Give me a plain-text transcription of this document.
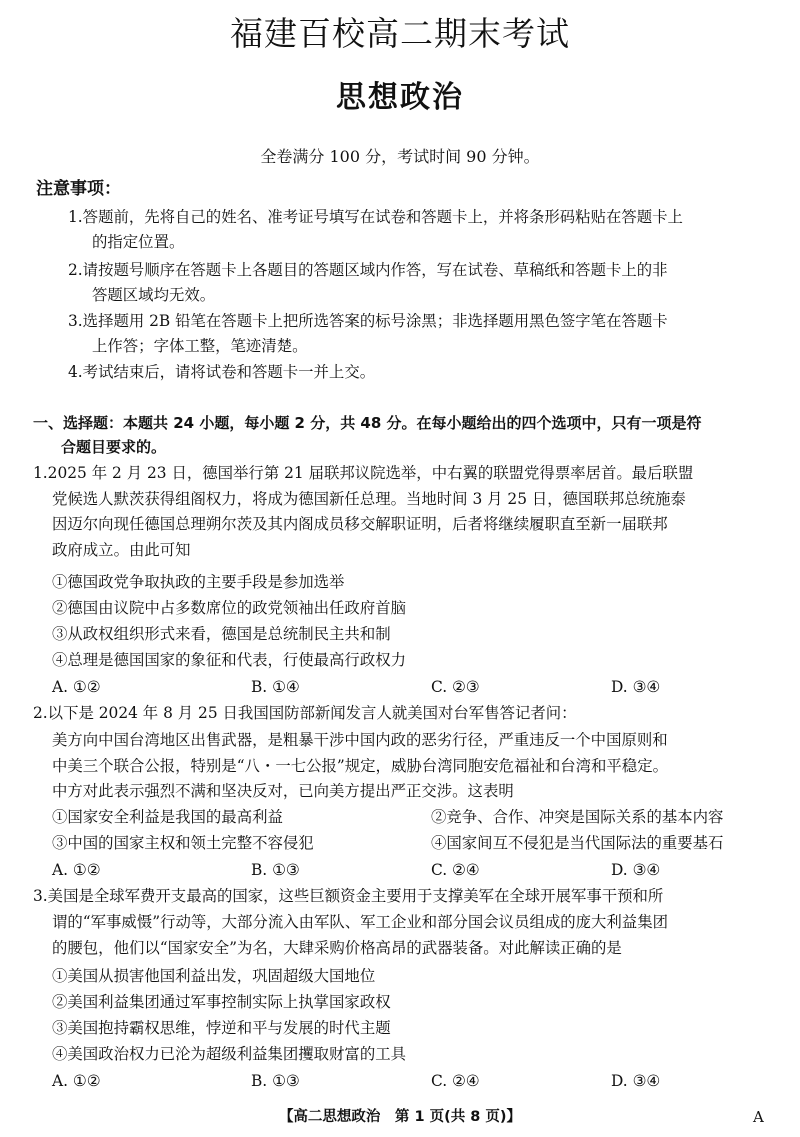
福建百校高二期末考试
思想政治
全卷满分 100 分，考试时间 90 分钟。
注意事项：
1.答题前，先将自己的姓名、准考证号填写在试卷和答题卡上，并将条形码粘贴在答题卡上
的指定位置。
2.请按题号顺序在答题卡上各题目的答题区域内作答，写在试卷、草稿纸和答题卡上的非
答题区域均无效。
3.选择题用 2B 铅笔在答题卡上把所选答案的标号涂黑；非选择题用黑色签字笔在答题卡
上作答；字体工整，笔迹清楚。
4.考试结束后，请将试卷和答题卡一并上交。
一、选择题：本题共 24 小题，每小题 2 分，共 48 分。在每小题给出的四个选项中，只有一项是符
合题目要求的。
1.2025 年 2 月 23 日，德国举行第 21 届联邦议院选举，中右翼的联盟党得票率居首。最后联盟
党候选人默茨获得组阁权力，将成为德国新任总理。当地时间 3 月 25 日，德国联邦总统施泰
因迈尔向现任德国总理朔尔茨及其内阁成员移交解职证明，后者将继续履职直至新一届联邦
政府成立。由此可知
①德国政党争取执政的主要手段是参加选举
②德国由议院中占多数席位的政党领袖出任政府首脑
③从政权组织形式来看，德国是总统制民主共和制
④总理是德国国家的象征和代表，行使最高行政权力
A. ①②	B. ①④	C. ②③	D. ③④
2.以下是 2024 年 8 月 25 日我国国防部新闻发言人就美国对台军售答记者问：
美方向中国台湾地区出售武器，是粗暴干涉中国内政的恶劣行径，严重违反一个中国原则和
中美三个联合公报，特别是“八・一七公报”规定，威胁台湾同胞安危福祉和台湾和平稳定。
中方对此表示强烈不满和坚决反对，已向美方提出严正交涉。这表明
①国家安全利益是我国的最高利益	②竞争、合作、冲突是国际关系的基本内容
③中国的国家主权和领土完整不容侵犯	④国家间互不侵犯是当代国际法的重要基石
A. ①②	B. ①③	C. ②④	D. ③④
3.美国是全球军费开支最高的国家，这些巨额资金主要用于支撑美军在全球开展军事干预和所
谓的“军事威慑”行动等，大部分流入由军队、军工企业和部分国会议员组成的庞大利益集团
的腰包，他们以“国家安全”为名，大肆采购价格高昂的武器装备。对此解读正确的是
①美国从损害他国利益出发，巩固超级大国地位
②美国利益集团通过军事控制实际上执掌国家政权
③美国抱持霸权思维，悖逆和平与发展的时代主题
④美国政治权力已沦为超级利益集团攫取财富的工具
A. ①②	B. ①③	C. ②④	D. ③④
【高二思想政治　第 1 页(共 8 页)】	A
